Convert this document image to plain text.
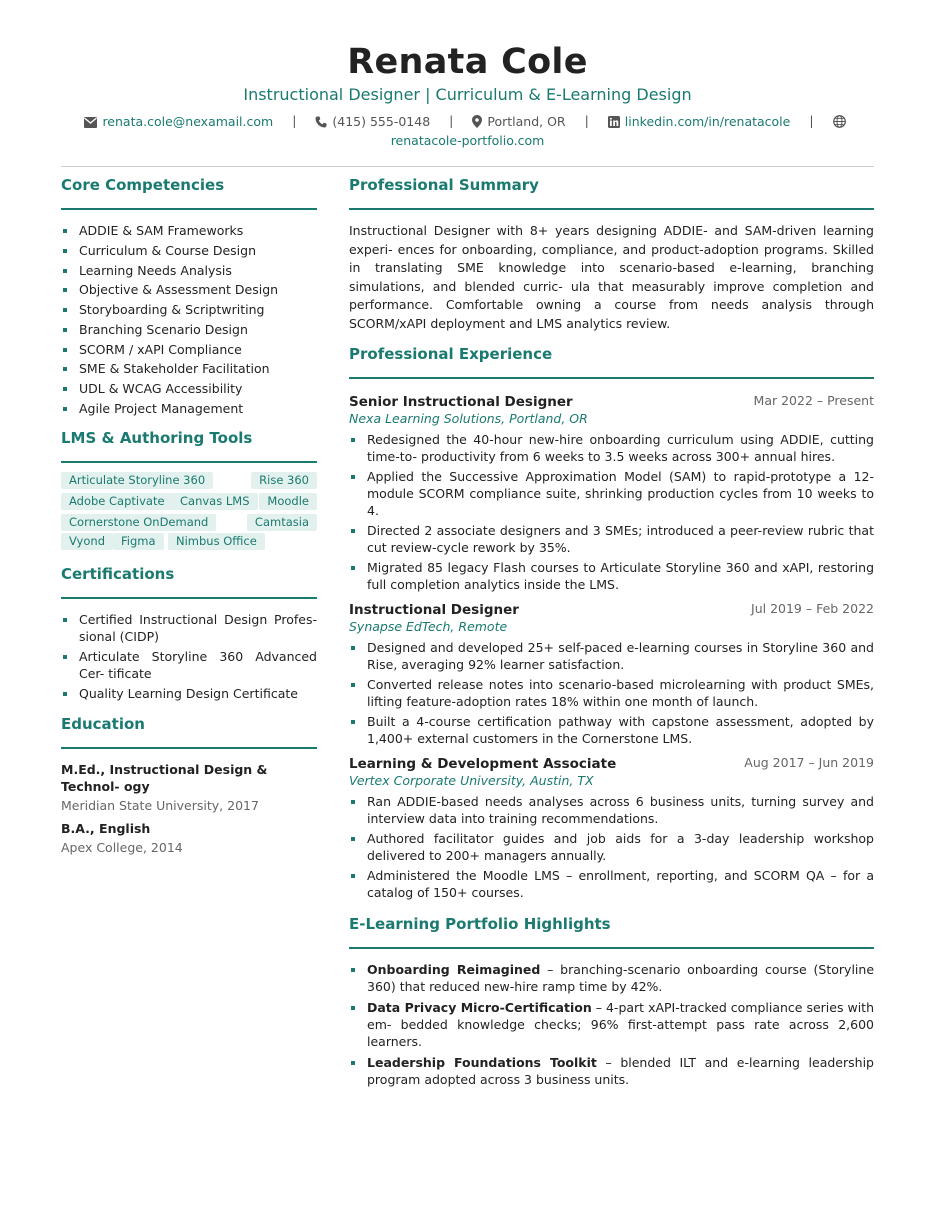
Renata Cole
Instructional Designer | Curriculum & E-Learning Design
renata.cole@nexamail.com |	(415) 555-0148 |	Portland, OR |	linkedin.com/in/renatacole |
renatacole-portfolio.com
Core Competencies
ADDIE & SAM Frameworks
Curriculum & Course Design
Learning Needs Analysis
Objective & Assessment Design
Storyboarding & Scriptwriting
Branching Scenario Design
SCORM / xAPI Compliance
SME & Stakeholder Facilitation
UDL & WCAG Accessibility
Agile Project Management
LMS & Authoring Tools
Articulate Storyline 360	Rise 360
Adobe Captivate	Canvas LMS	Moodle
Cornerstone OnDemand	Camtasia
Vyond	Figma	Nimbus Office
Certifications
Certified Instructional Design Profes- sional (CIDP)
Articulate Storyline 360 Advanced Cer- tificate
Quality Learning Design Certificate
Education
M.Ed., Instructional Design & Technol- ogy
Meridian State University, 2017
B.A., English
Apex College, 2014
Professional Summary
Instructional Designer with 8+ years designing ADDIE- and SAM-driven learning experi- ences for onboarding, compliance, and product-adoption programs. Skilled in translating SME knowledge into scenario-based e-learning, branching simulations, and blended curric- ula that measurably improve completion and performance. Comfortable owning a course from needs analysis through SCORM/xAPI deployment and LMS analytics review.
Professional Experience
Senior Instructional Designer	Mar 2022 – Present
Nexa Learning Solutions, Portland, OR
Redesigned the 40-hour new-hire onboarding curriculum using ADDIE, cutting time-to- productivity from 6 weeks to 3.5 weeks across 300+ annual hires.
Applied the Successive Approximation Model (SAM) to rapid-prototype a 12-module SCORM compliance suite, shrinking production cycles from 10 weeks to 4.
Directed 2 associate designers and 3 SMEs; introduced a peer-review rubric that cut review-cycle rework by 35%.
Migrated 85 legacy Flash courses to Articulate Storyline 360 and xAPI, restoring full completion analytics inside the LMS.
Instructional Designer	Jul 2019 – Feb 2022
Synapse EdTech, Remote
Designed and developed 25+ self-paced e-learning courses in Storyline 360 and Rise, averaging 92% learner satisfaction.
Converted release notes into scenario-based microlearning with product SMEs, lifting feature-adoption rates 18% within one month of launch.
Built a 4-course certification pathway with capstone assessment, adopted by 1,400+ external customers in the Cornerstone LMS.
Learning & Development Associate	Aug 2017 – Jun 2019
Vertex Corporate University, Austin, TX
Ran ADDIE-based needs analyses across 6 business units, turning survey and interview data into training recommendations.
Authored facilitator guides and job aids for a 3-day leadership workshop delivered to 200+ managers annually.
Administered the Moodle LMS – enrollment, reporting, and SCORM QA – for a catalog of 150+ courses.
E-Learning Portfolio Highlights
Onboarding Reimagined – branching-scenario onboarding course (Storyline 360) that reduced new-hire ramp time by 42%.
Data Privacy Micro-Certification – 4-part xAPI-tracked compliance series with em- bedded knowledge checks; 96% first-attempt pass rate across 2,600 learners.
Leadership Foundations Toolkit – blended ILT and e-learning leadership program adopted across 3 business units.
